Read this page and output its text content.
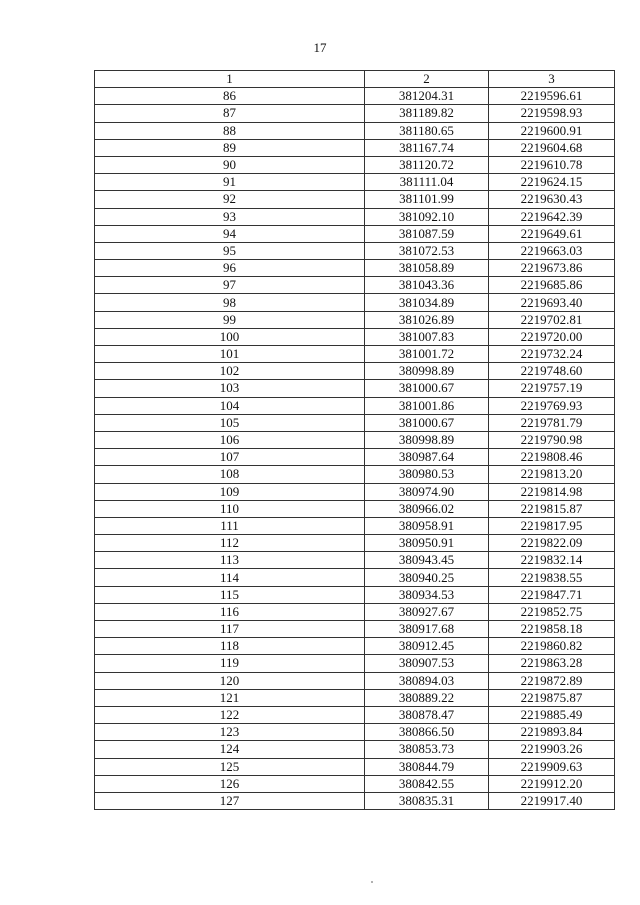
17
1	2	3
86	381204.31	2219596.61
87	381189.82	2219598.93
88	381180.65	2219600.91
89	381167.74	2219604.68
90	381120.72	2219610.78
91	381111.04	2219624.15
92	381101.99	2219630.43
93	381092.10	2219642.39
94	381087.59	2219649.61
95	381072.53	2219663.03
96	381058.89	2219673.86
97	381043.36	2219685.86
98	381034.89	2219693.40
99	381026.89	2219702.81
100	381007.83	2219720.00
101	381001.72	2219732.24
102	380998.89	2219748.60
103	381000.67	2219757.19
104	381001.86	2219769.93
105	381000.67	2219781.79
106	380998.89	2219790.98
107	380987.64	2219808.46
108	380980.53	2219813.20
109	380974.90	2219814.98
110	380966.02	2219815.87
111	380958.91	2219817.95
112	380950.91	2219822.09
113	380943.45	2219832.14
114	380940.25	2219838.55
115	380934.53	2219847.71
116	380927.67	2219852.75
117	380917.68	2219858.18
118	380912.45	2219860.82
119	380907.53	2219863.28
120	380894.03	2219872.89
121	380889.22	2219875.87
122	380878.47	2219885.49
123	380866.50	2219893.84
124	380853.73	2219903.26
125	380844.79	2219909.63
126	380842.55	2219912.20
127	380835.31	2219917.40
